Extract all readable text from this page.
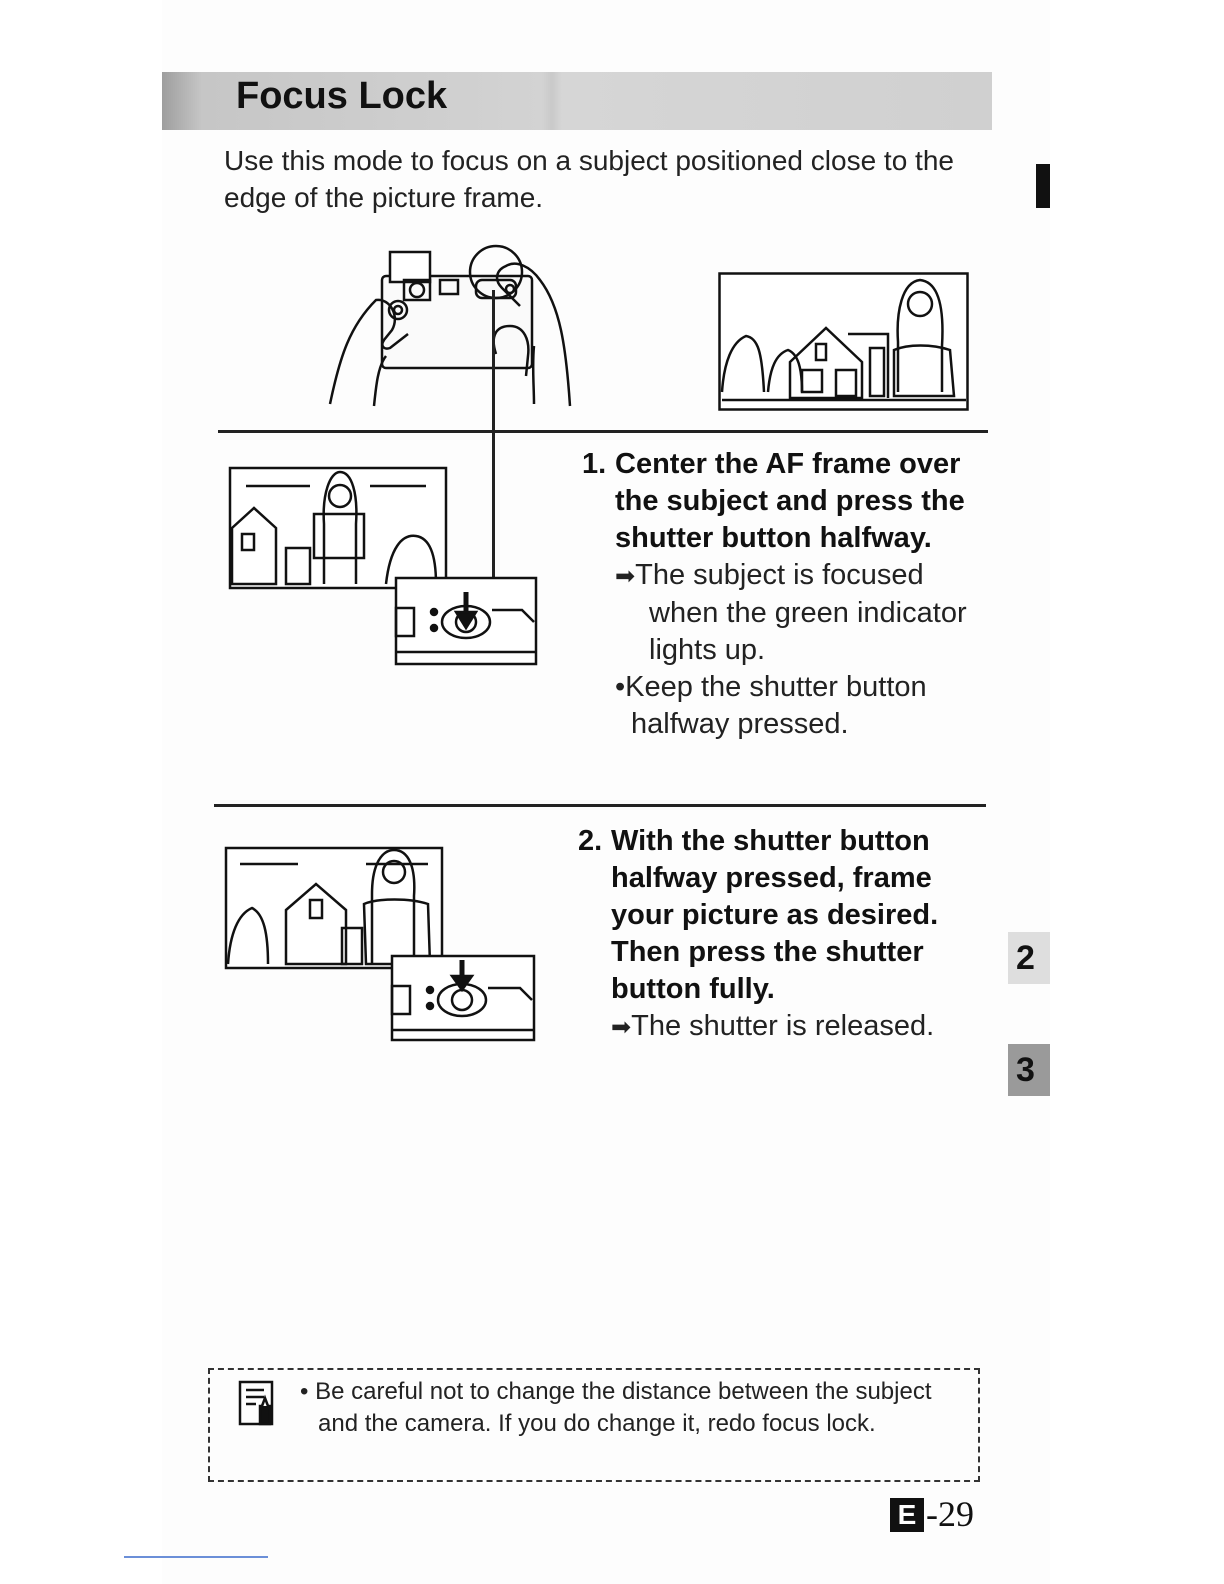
Focus Lock
Use this mode to focus on a subject positioned close to the edge of the picture frame.
2
3
1. Center the AF frame over the subject and press the shutter button halfway.
➡The subject is focused when the green indicator lights up.
•Keep the shutter button halfway pressed.
2. With the shutter button halfway pressed, frame your picture as desired. Then press the shutter button fully.
➡The shutter is released.
• Be careful not to change the distance between the subject and the camera. If you do change it, redo focus lock.
E -29
